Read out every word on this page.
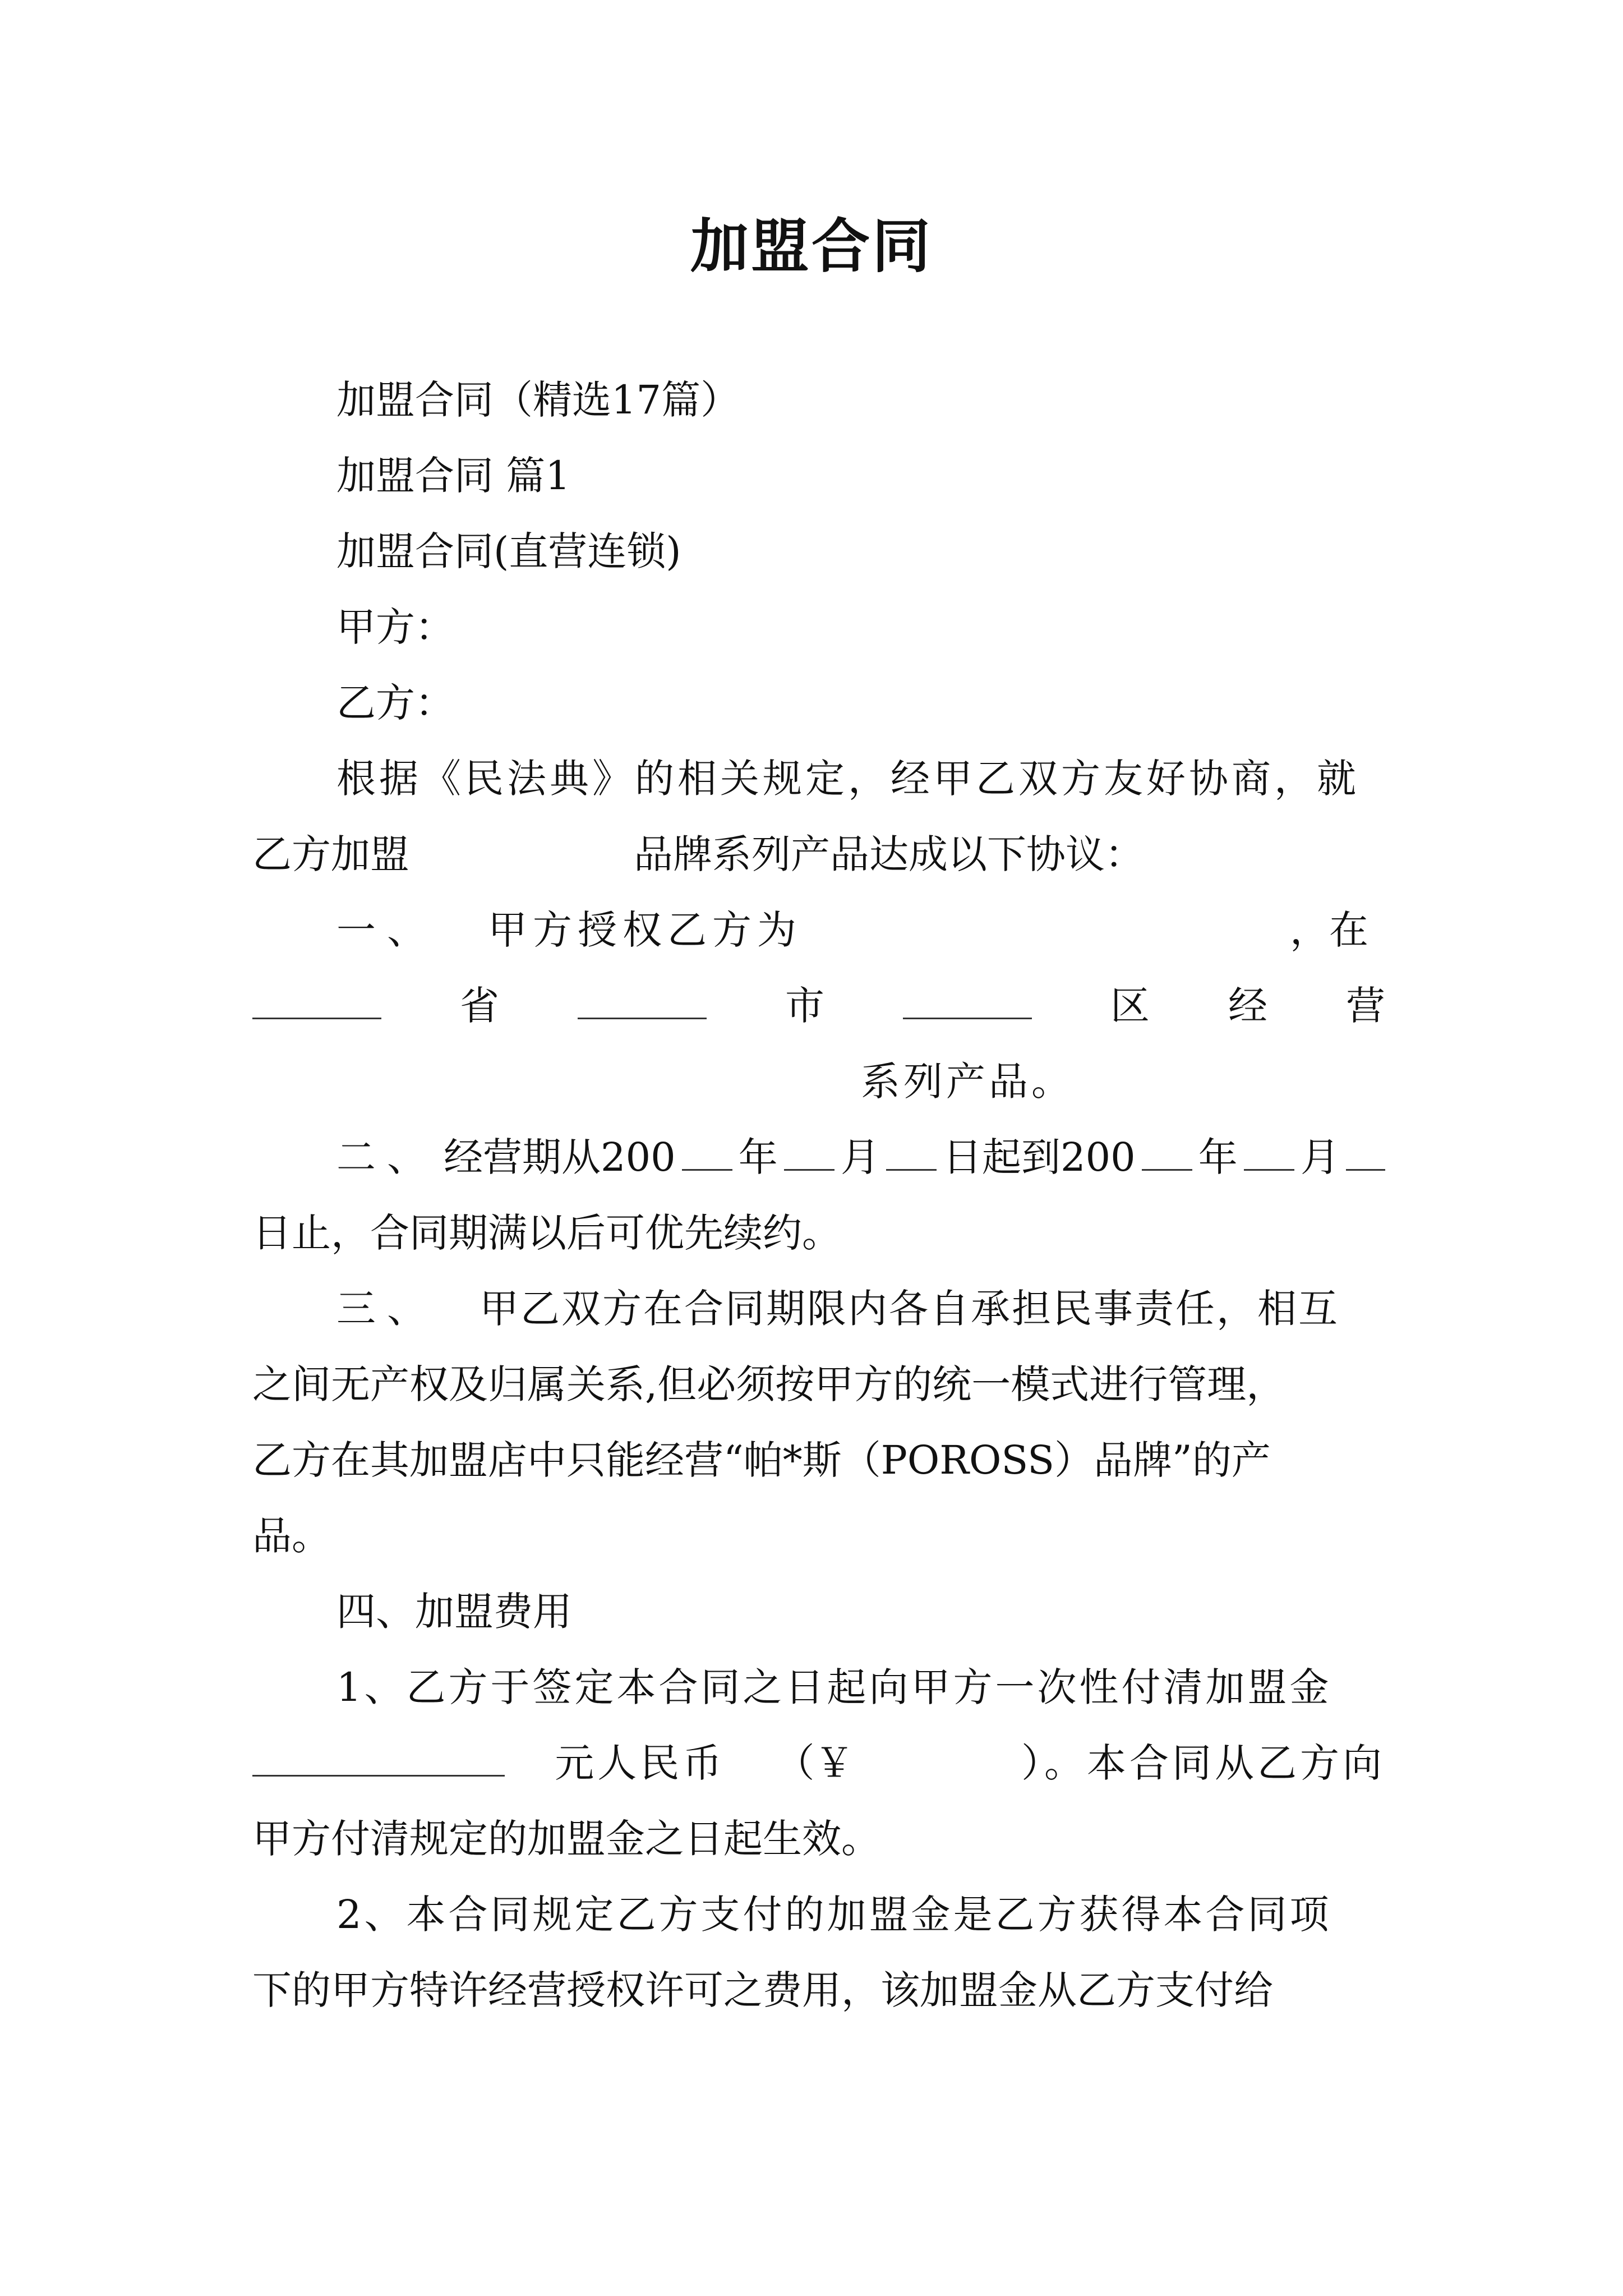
加盟合同
加盟合同（精选17篇）
加盟合同 篇1
加盟合同(直营连锁)
甲方：
乙方：
根据《民法典》的相关规定，经甲乙双方友好协商，就
乙方加盟	品牌系列产品达成以下协议：
一、 甲方授权乙方为	，在
省	市	区 经 营
系列产品。
二、 经营期从200 年 月 日起到200 年 月
日止，合同期满以后可优先续约。
三、 甲乙双方在合同期限内各自承担民事责任，相互
之间无产权及归属关系,但必须按甲方的统一模式进行管理，
乙方在其加盟店中只能经营“帕*斯（POROSS）品牌”的产
品。
四、加盟费用
1、乙方于签定本合同之日起向甲方一次性付清加盟金
元人民币 （￥	）。本合同从乙方向
甲方付清规定的加盟金之日起生效。
2、本合同规定乙方支付的加盟金是乙方获得本合同项
下的甲方特许经营授权许可之费用，该加盟金从乙方支付给
